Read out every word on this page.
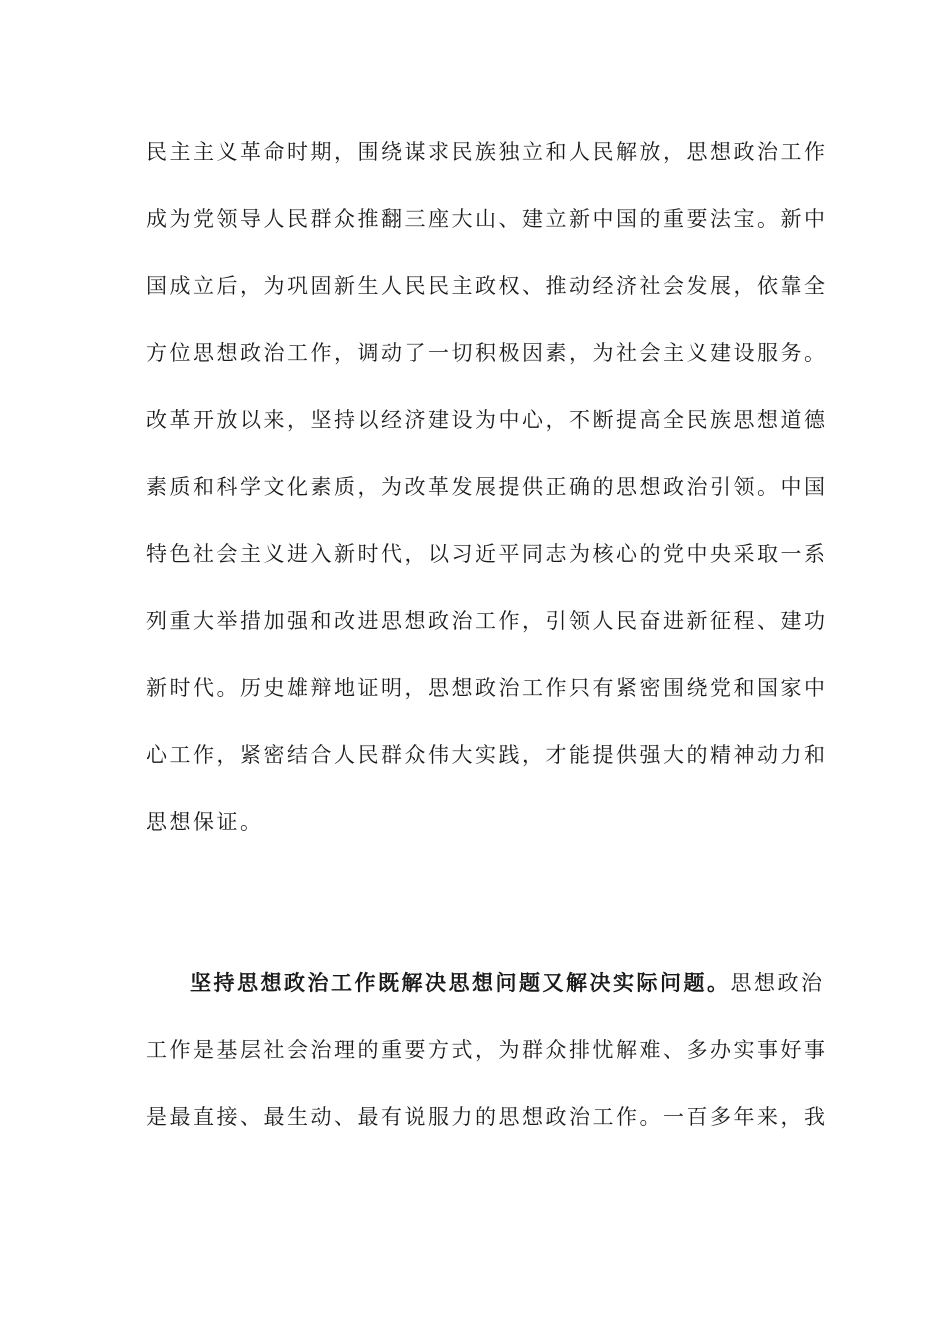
民主主义革命时期，围绕谋求民族独立和人民解放，思想政治工作
成为党领导人民群众推翻三座大山、建立新中国的重要法宝。新中
国成立后，为巩固新生人民民主政权、推动经济社会发展，依靠全
方位思想政治工作，调动了一切积极因素，为社会主义建设服务。
改革开放以来，坚持以经济建设为中心，不断提高全民族思想道德
素质和科学文化素质，为改革发展提供正确的思想政治引领。中国
特色社会主义进入新时代，以习近平同志为核心的党中央采取一系
列重大举措加强和改进思想政治工作，引领人民奋进新征程、建功
新时代。历史雄辩地证明，思想政治工作只有紧密围绕党和国家中
心工作，紧密结合人民群众伟大实践，才能提供强大的精神动力和
思想保证。
坚持思想政治工作既解决思想问题又解决实际问题。思想政治
工作是基层社会治理的重要方式，为群众排忧解难、多办实事好事
是最直接、最生动、最有说服力的思想政治工作。一百多年来，我
